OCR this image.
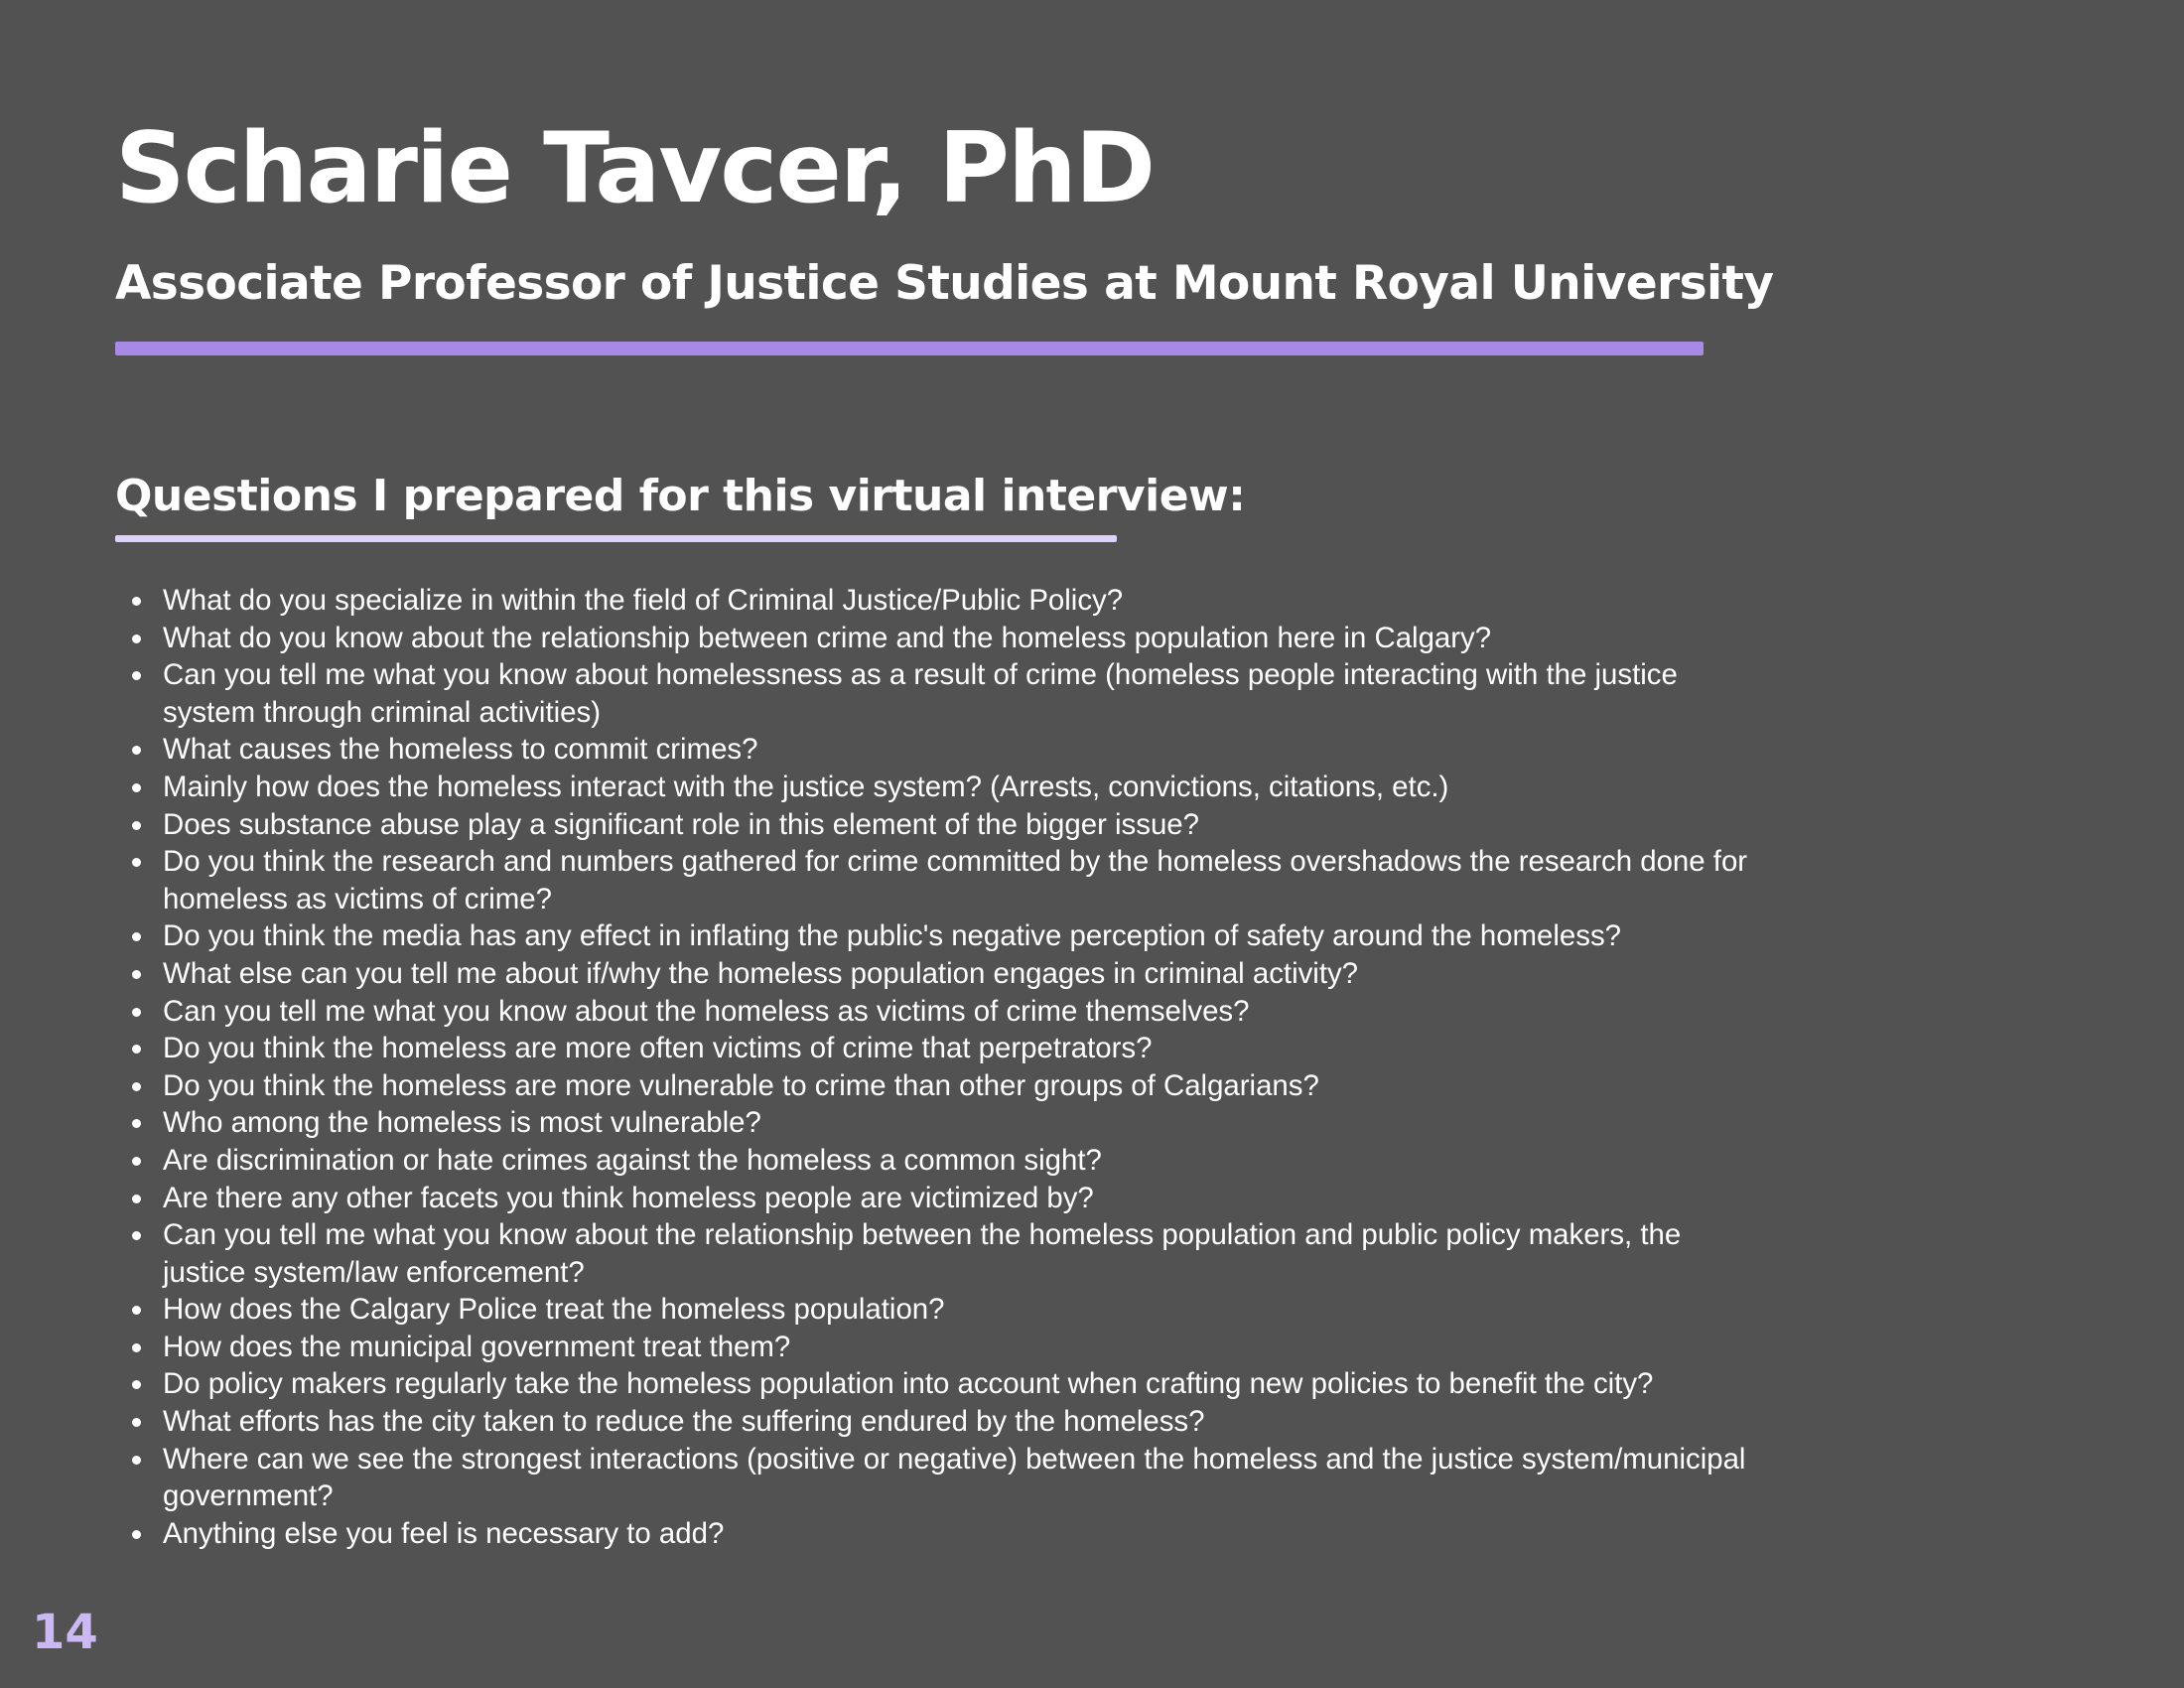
Scharie Tavcer, PhD
Associate Professor of Justice Studies at Mount Royal University
Questions I prepared for this virtual interview:
What do you specialize in within the field of Criminal Justice/Public Policy?
What do you know about the relationship between crime and the homeless population here in Calgary?
Can you tell me what you know about homelessness as a result of crime (homeless people interacting with the justice system through criminal activities)
What causes the homeless to commit crimes?
Mainly how does the homeless interact with the justice system? (Arrests, convictions, citations, etc.)
Does substance abuse play a significant role in this element of the bigger issue?
Do you think the research and numbers gathered for crime committed by the homeless overshadows the research done for homeless as victims of crime?
Do you think the media has any effect in inflating the public's negative perception of safety around the homeless?
What else can you tell me about if/why the homeless population engages in criminal activity?
Can you tell me what you know about the homeless as victims of crime themselves?
Do you think the homeless are more often victims of crime that perpetrators?
Do you think the homeless are more vulnerable to crime than other groups of Calgarians?
Who among the homeless is most vulnerable?
Are discrimination or hate crimes against the homeless a common sight?
Are there any other facets you think homeless people are victimized by?
Can you tell me what you know about the relationship between the homeless population and public policy makers, the justice system/law enforcement?
How does the Calgary Police treat the homeless population?
How does the municipal government treat them?
Do policy makers regularly take the homeless population into account when crafting new policies to benefit the city?
What efforts has the city taken to reduce the suffering endured by the homeless?
Where can we see the strongest interactions (positive or negative) between the homeless and the justice system/municipal government?
Anything else you feel is necessary to add?

14
